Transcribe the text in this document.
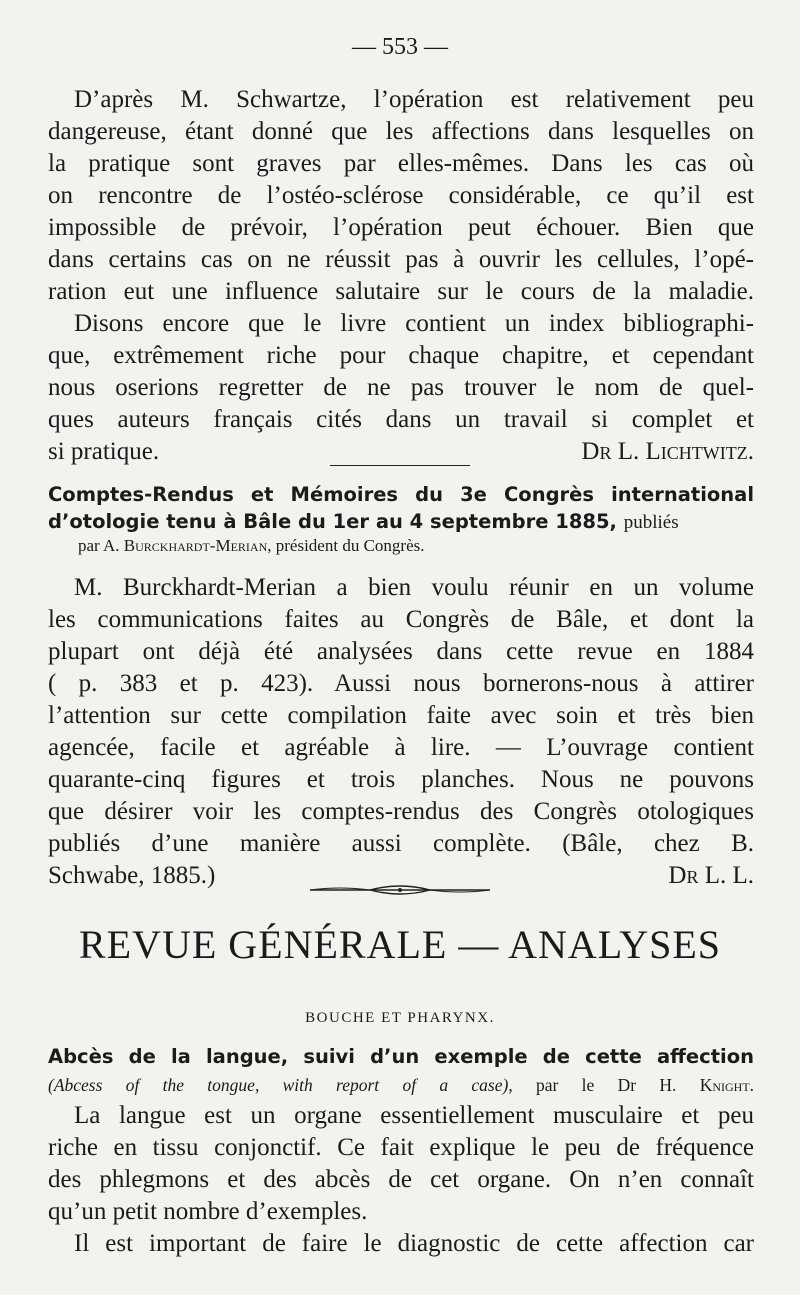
— 553 —
D’après M. Schwartze, l’opération est relativement peu
dangereuse, étant donné que les affections dans lesquelles on
la pratique sont graves par elles-mêmes. Dans les cas où
on rencontre de l’ostéo-sclérose considérable, ce qu’il est
impossible de prévoir, l’opération peut échouer. Bien que
dans certains cas on ne réussit pas à ouvrir les cellules, l’opé-
ration eut une influence salutaire sur le cours de la maladie.
Disons encore que le livre contient un index bibliographi-
que, extrêmement riche pour chaque chapitre, et cependant
nous oserions regretter de ne pas trouver le nom de quel-
ques auteurs français cités dans un travail si complet et
si pratique.	Dr L. Lichtwitz.
Comptes-Rendus et Mémoires du 3e Congrès international
d’otologie tenu à Bâle du 1er au 4 septembre 1885, publiés
par A. Burckhardt-Merian, président du Congrès.
M. Burckhardt-Merian a bien voulu réunir en un volume
les communications faites au Congrès de Bâle, et dont la
plupart ont déjà été analysées dans cette revue en 1884
( p. 383 et p. 423). Aussi nous bornerons-nous à attirer
l’attention sur cette compilation faite avec soin et très bien
agencée, facile et agréable à lire. — L’ouvrage contient
quarante-cinq figures et trois planches. Nous ne pouvons
que désirer voir les comptes-rendus des Congrès otologiques
publiés d’une manière aussi complète. (Bâle, chez B.
Schwabe, 1885.)	Dr L. L.
REVUE GÉNÉRALE — ANALYSES
BOUCHE ET PHARYNX.
Abcès de la langue, suivi d’un exemple de cette affection
(Abcess of the tongue, with report of a case), par le Dr H. Knight.
La langue est un organe essentiellement musculaire et peu
riche en tissu conjonctif. Ce fait explique le peu de fréquence
des phlegmons et des abcès de cet organe. On n’en connaît
qu’un petit nombre d’exemples.
Il est important de faire le diagnostic de cette affection car
